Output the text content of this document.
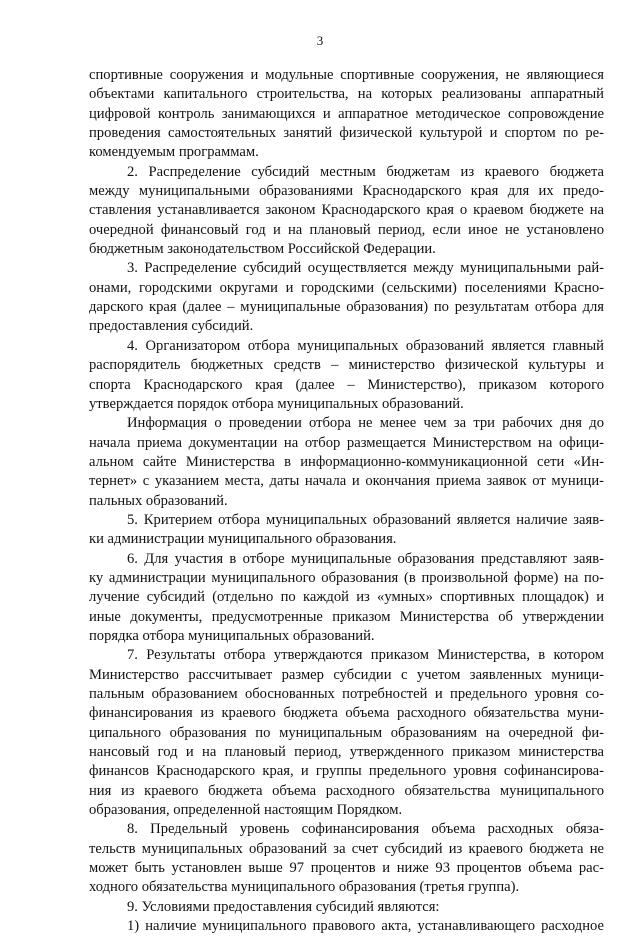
3
спортивные сооружения и модульные спортивные сооружения, не являющиеся
объектами капитального строительства, на которых реализованы аппаратный
цифровой контроль занимающихся и аппаратное методическое сопровождение
проведения самостоятельных занятий физической культурой и спортом по ре-
комендуемым программам.
2. Распределение субсидий местным бюджетам из краевого бюджета
между муниципальными образованиями Краснодарского края для их предо-
ставления устанавливается законом Краснодарского края о краевом бюджете на
очередной финансовый год и на плановый период, если иное не установлено
бюджетным законодательством Российской Федерации.
3. Распределение субсидий осуществляется между муниципальными рай-
онами, городскими округами и городскими (сельскими) поселениями Красно-
дарского края (далее – муниципальные образования) по результатам отбора для
предоставления субсидий.
4. Организатором отбора муниципальных образований является главный
распорядитель бюджетных средств – министерство физической культуры и
спорта Краснодарского края (далее – Министерство), приказом которого
утверждается порядок отбора муниципальных образований.
Информация о проведении отбора не менее чем за три рабочих дня до
начала приема документации на отбор размещается Министерством на офици-
альном сайте Министерства в информационно-коммуникационной сети «Ин-
тернет» с указанием места, даты начала и окончания приема заявок от муници-
пальных образований.
5. Критерием отбора муниципальных образований является наличие заяв-
ки администрации муниципального образования.
6. Для участия в отборе муниципальные образования представляют заяв-
ку администрации муниципального образования (в произвольной форме) на по-
лучение субсидий (отдельно по каждой из «умных» спортивных площадок) и
иные документы, предусмотренные приказом Министерства об утверждении
порядка отбора муниципальных образований.
7. Результаты отбора утверждаются приказом Министерства, в котором
Министерство рассчитывает размер субсидии с учетом заявленных муници-
пальным образованием обоснованных потребностей и предельного уровня со-
финансирования из краевого бюджета объема расходного обязательства муни-
ципального образования по муниципальным образованиям на очередной фи-
нансовый год и на плановый период, утвержденного приказом министерства
финансов Краснодарского края, и группы предельного уровня софинансирова-
ния из краевого бюджета объема расходного обязательства муниципального
образования, определенной настоящим Порядком.
8. Предельный уровень софинансирования объема расходных обяза-
тельств муниципальных образований за счет субсидий из краевого бюджета не
может быть установлен выше 97 процентов и ниже 93 процентов объема рас-
ходного обязательства муниципального образования (третья группа).
9. Условиями предоставления субсидий являются:
1) наличие муниципального правового акта, устанавливающего расходное
